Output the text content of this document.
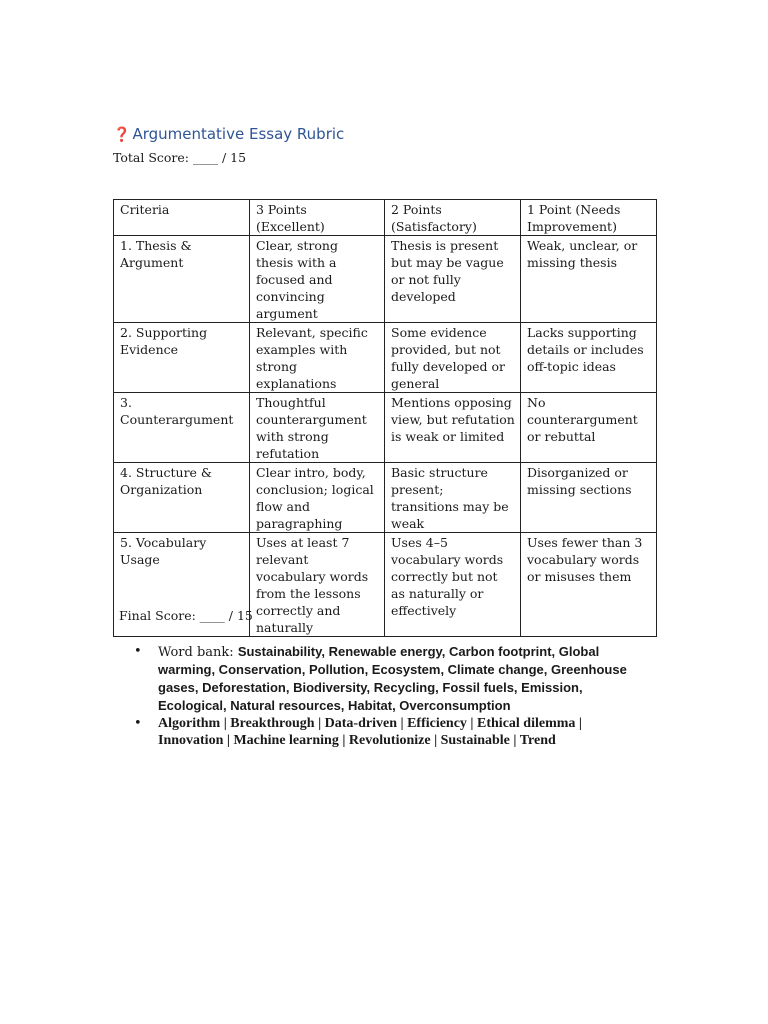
❓ Argumentative Essay Rubric
Total Score: ____ / 15
Criteria	3 Points (Excellent)	2 Points (Satisfactory)	1 Point (Needs Improvement)
1. Thesis & Argument	Clear, strong thesis with a focused and convincing argument	Thesis is present but may be vague or not fully developed	Weak, unclear, or missing thesis
2. Supporting Evidence	Relevant, specific examples with strong explanations	Some evidence provided, but not fully developed or general	Lacks supporting details or includes off-topic ideas
3. Counterargument	Thoughtful counterargument with strong refutation	Mentions opposing view, but refutation is weak or limited	No counterargument or rebuttal
4. Structure & Organization	Clear intro, body, conclusion; logical flow and paragraphing	Basic structure present; transitions may be weak	Disorganized or missing sections
5. Vocabulary Usage	Uses at least 7 relevant vocabulary words from the lessons correctly and naturally	Uses 4–5 vocabulary words correctly but not as naturally or effectively	Uses fewer than 3 vocabulary words or misuses them
Final Score: ____ / 15
• Word bank: Sustainability, Renewable energy, Carbon footprint, Global warming, Conservation, Pollution, Ecosystem, Climate change, Greenhouse gases, Deforestation, Biodiversity, Recycling, Fossil fuels, Emission, Ecological, Natural resources, Habitat, Overconsumption
• Algorithm | Breakthrough | Data-driven | Efficiency | Ethical dilemma | Innovation | Machine learning | Revolutionize | Sustainable | Trend
